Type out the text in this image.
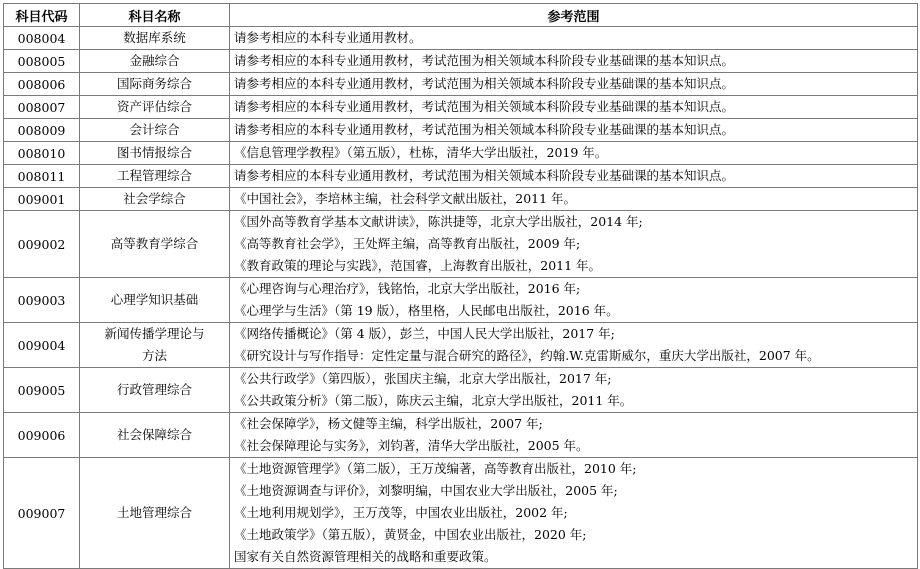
科目代码	科目名称	参考范围
008004	数据库系统	请参考相应的本科专业通用教材。

008005	金融综合	请参考相应的本科专业通用教材，考试范围为相关领域本科阶段专业基础课的基本知识点。

008006	国际商务综合	请参考相应的本科专业通用教材，考试范围为相关领域本科阶段专业基础课的基本知识点。

008007	资产评估综合	请参考相应的本科专业通用教材，考试范围为相关领域本科阶段专业基础课的基本知识点。

008009	会计综合	请参考相应的本科专业通用教材，考试范围为相关领域本科阶段专业基础课的基本知识点。

008010	图书情报综合	《信息管理学教程》（第五版），杜栋，清华大学出版社，2019 年。

008011	工程管理综合	请参考相应的本科专业通用教材，考试范围为相关领域本科阶段专业基础课的基本知识点。

009001	社会学综合	《中国社会》，李培林主编，社会科学文献出版社，2011 年。

009002	高等教育学综合	《国外高等教育学基本文献讲读》，陈洪捷等，北京大学出版社，2014 年;
《高等教育社会学》，王处辉主编，高等教育出版社，2009 年;
《教育政策的理论与实践》，范国睿，上海教育出版社，2011 年。

009003	心理学知识基础	《心理咨询与心理治疗》，钱铭怡，北京大学出版社，2016 年;
《心理学与生活》（第 19 版），格里格，人民邮电出版社，2016 年。

009004	新闻传播学理论与方法	《网络传播概论》（第 4 版），彭兰，中国人民大学出版社，2017 年;
《研究设计与写作指导：定性定量与混合研究的路径》，约翰.W.克雷斯威尔，重庆大学出版社，2007 年。

009005	行政管理综合	《公共行政学》（第四版），张国庆主编，北京大学出版社，2017 年;
《公共政策分析》（第二版），陈庆云主编，北京大学出版社，2011 年。

009006	社会保障综合	《社会保障学》，杨文健等主编，科学出版社，2007 年;
《社会保障理论与实务》，刘钧著，清华大学出版社，2005 年。

009007	土地管理综合	《土地资源管理学》（第二版），王万茂编著，高等教育出版社，2010 年;
《土地资源调查与评价》，刘黎明编，中国农业大学出版社，2005 年;
《土地利用规划学》，王万茂等，中国农业出版社，2002 年;
《土地政策学》（第五版），黄贤金，中国农业出版社，2020 年;
国家有关自然资源管理相关的战略和重要政策。
